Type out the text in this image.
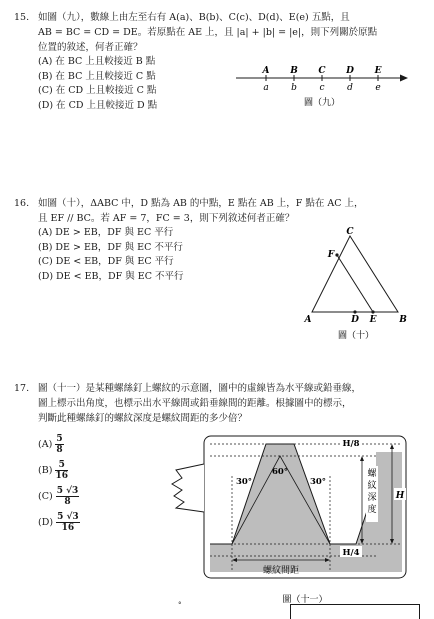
15. 如圖（九），數線上由左至右有 A(a)、B(b)、C(c)、D(d)、E(e) 五點，且
AB = BC = CD = DE。若原點在 AE 上，且 |a| + |b| = |e|，則下列關於原點
位置的敘述，何者正確？
(A) 在 BC 上且較接近 B 點
(B) 在 BC 上且較接近 C 點
(C) 在 CD 上且較接近 C 點
(D) 在 CD 上且較接近 D 點
A B C D E
a b	c	d e
圖（九）
16. 如圖（十），ΔABC 中，D 點為 AB 的中點，E 點在 AB 上，F 點在 AC 上，
且 EF // BC。若 AF = 7，FC = 3，則下列敘述何者正確？
(A) DE > EB，DF 與 EC 平行
(B) DE > EB，DF 與 EC 不平行
(C) DE < EB，DF 與 EC 平行
(D) DE < EB，DF 與 EC 不平行
C
F
A	D E	B
圖（十）
17. 圖（十一）是某種螺絲釘上螺紋的示意圖，圖中的虛線皆為水平線或鉛垂線，
圖上標示出角度，也標示出水平線間或鉛垂線間的距離。根據圖中的標示，
判斷此種螺絲釘的螺紋深度是螺紋間距的多少倍？
$(A) \frac{5}{8}$
$(B) \frac{5}{16}$
$(C) \frac{5 √3}{8}$
$(D) \frac{5 √3}{16}$
H/8
H/4
H
60°
30°	30°
螺紋深度
螺紋間距
圖（十一）
°
